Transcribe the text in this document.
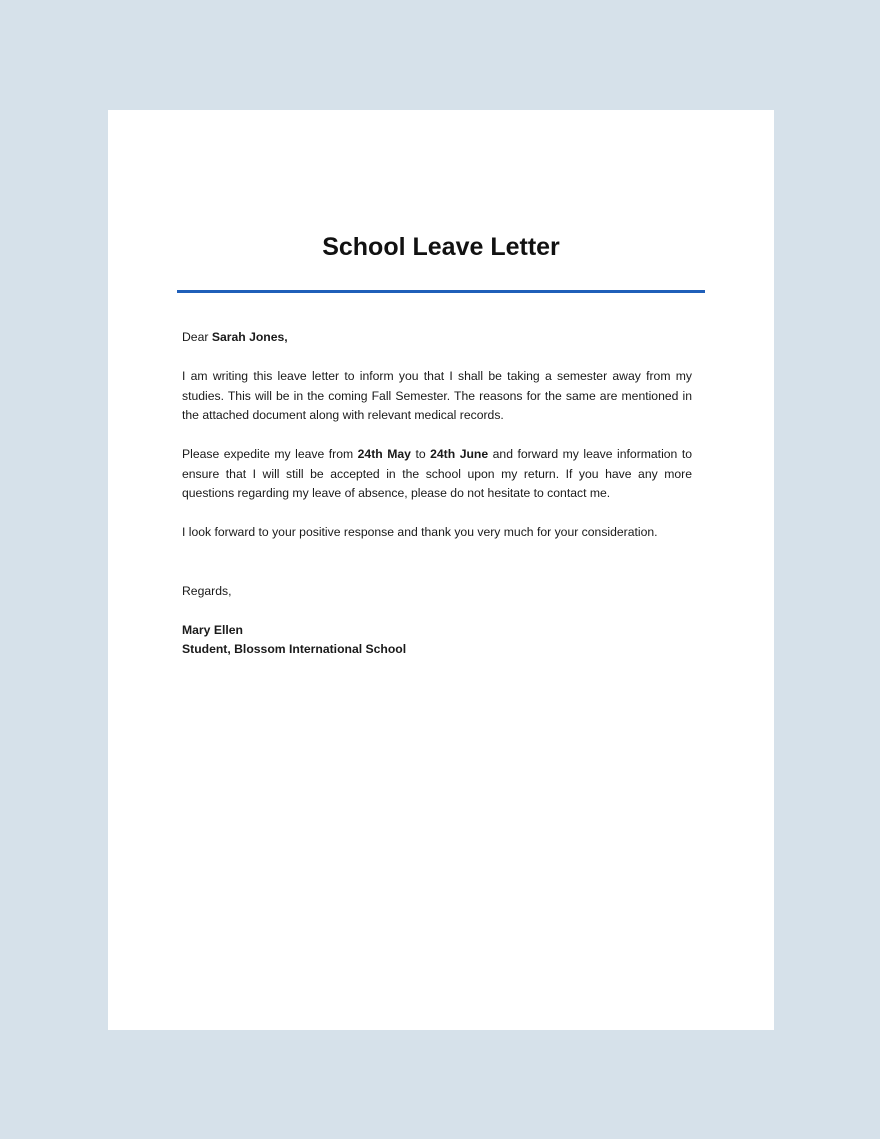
School Leave Letter

Dear Sarah Jones,

I am writing this leave letter to inform you that I shall be taking a semester away from my studies. This will be in the coming Fall Semester. The reasons for the same are mentioned in the attached document along with relevant medical records.

Please expedite my leave from 24th May to 24th June and forward my leave information to ensure that I will still be accepted in the school upon my return. If you have any more questions regarding my leave of absence, please do not hesitate to contact me.

I look forward to your positive response and thank you very much for your consideration.

Regards,

Mary Ellen

Student, Blossom International School
